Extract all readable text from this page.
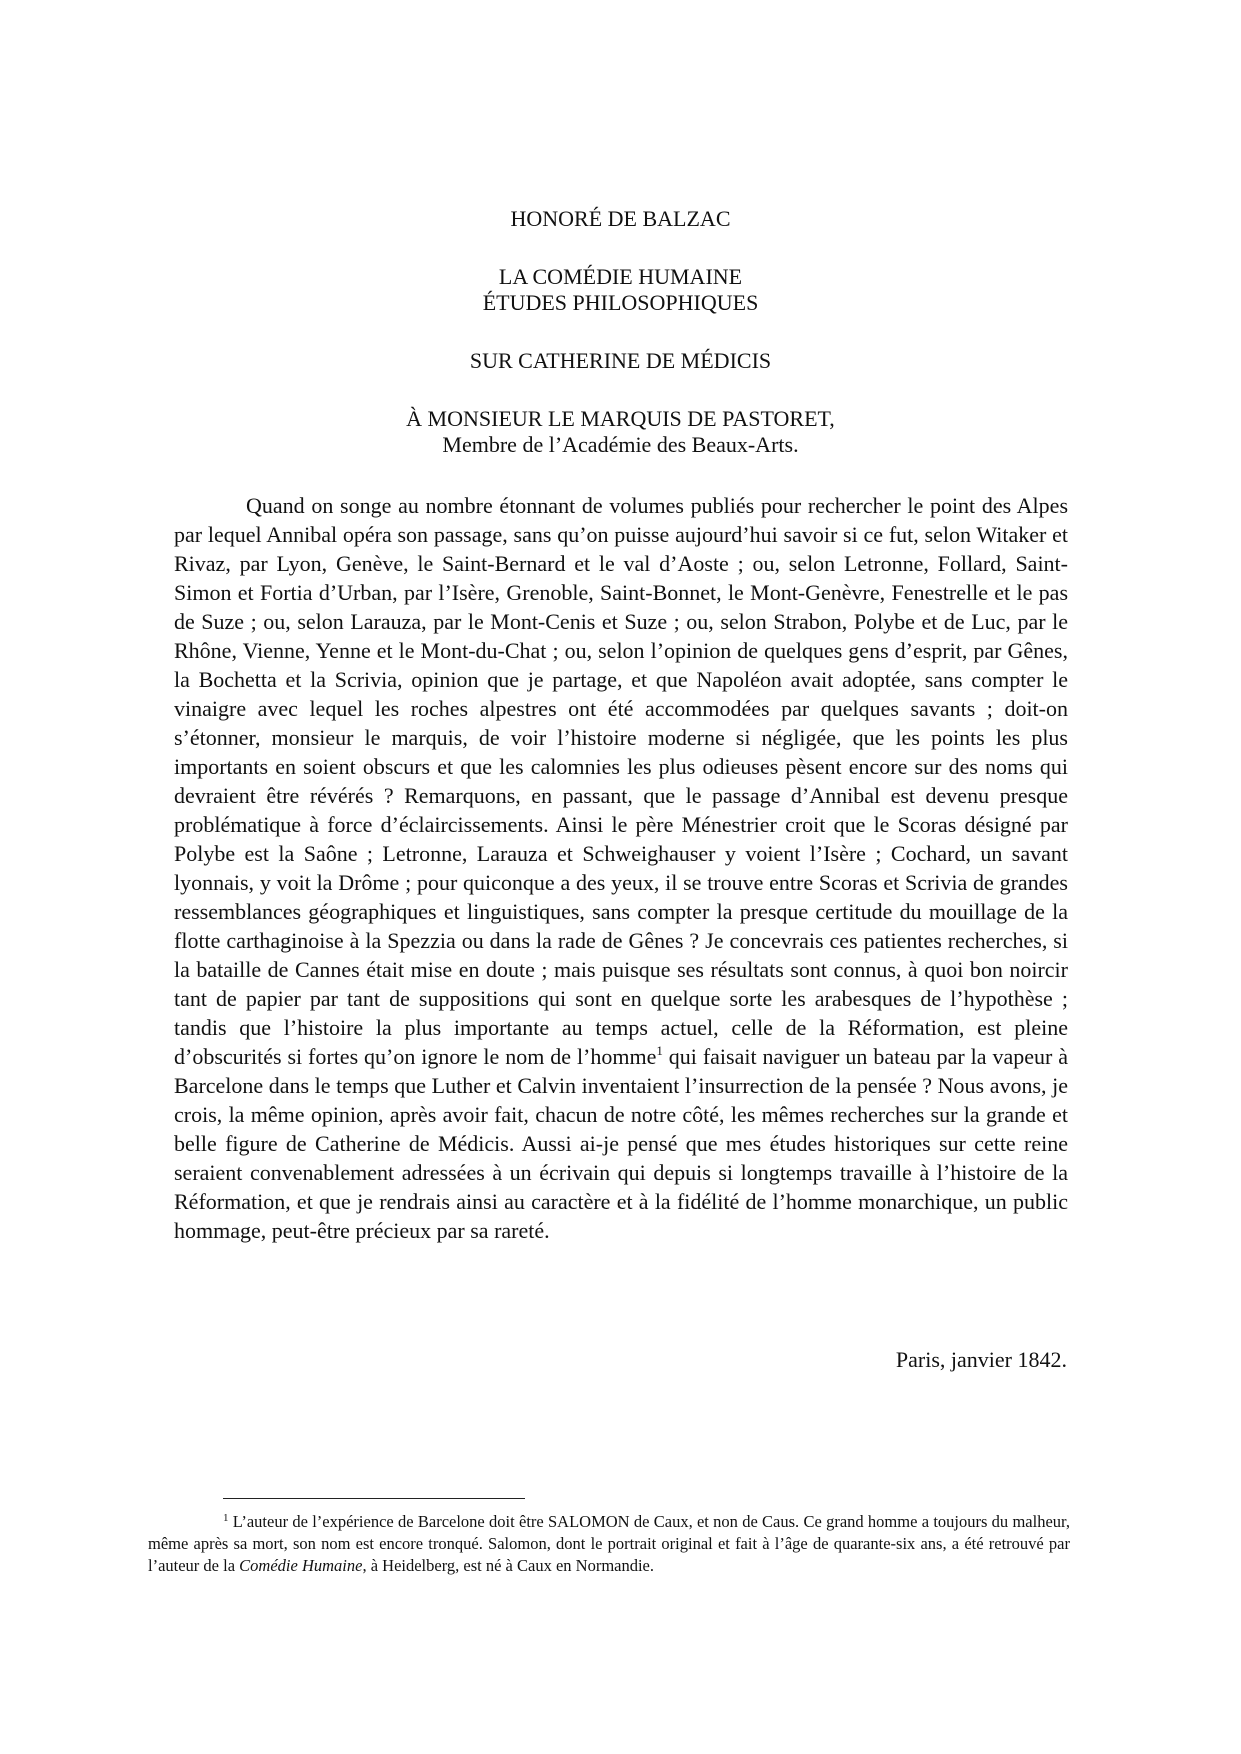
HONORÉ DE BALZAC
LA COMÉDIE HUMAINE
ÉTUDES PHILOSOPHIQUES
SUR CATHERINE DE MÉDICIS
À MONSIEUR LE MARQUIS DE PASTORET,
Membre de l’Académie des Beaux-Arts.

Quand on songe au nombre étonnant de volumes publiés pour rechercher le point des Alpes par lequel Annibal opéra son passage, sans qu’on puisse aujourd’hui savoir si ce fut, selon Witaker et Rivaz, par Lyon, Genève, le Saint-Bernard et le val d’Aoste ; ou, selon Letronne, Follard, Saint-Simon et Fortia d’Urban, par l’Isère, Grenoble, Saint-Bonnet, le Mont-Genèvre, Fenestrelle et le pas de Suze ; ou, selon Larauza, par le Mont-Cenis et Suze ; ou, selon Strabon, Polybe et de Luc, par le Rhône, Vienne, Yenne et le Mont-du-Chat ; ou, selon l’opinion de quelques gens d’esprit, par Gênes, la Bochetta et la Scrivia, opinion que je partage, et que Napoléon avait adoptée, sans compter le vinaigre avec lequel les roches alpestres ont été accommodées par quelques savants ; doit-on s’étonner, monsieur le marquis, de voir l’histoire moderne si négligée, que les points les plus importants en soient obscurs et que les calomnies les plus odieuses pèsent encore sur des noms qui devraient être révérés ? Remarquons, en passant, que le passage d’Annibal est devenu presque problématique à force d’éclaircissements. Ainsi le père Ménestrier croit que le Scoras désigné par Polybe est la Saône ; Letronne, Larauza et Schweighauser y voient l’Isère ; Cochard, un savant lyonnais, y voit la Drôme ; pour quiconque a des yeux, il se trouve entre Scoras et Scrivia de grandes ressemblances géographiques et linguistiques, sans compter la presque certitude du mouillage de la flotte carthaginoise à la Spezzia ou dans la rade de Gênes ? Je concevrais ces patientes recherches, si la bataille de Cannes était mise en doute ; mais puisque ses résultats sont connus, à quoi bon noircir tant de papier par tant de suppositions qui sont en quelque sorte les arabesques de l’hypothèse ; tandis que l’histoire la plus importante au temps actuel, celle de la Réformation, est pleine d’obscurités si fortes qu’on ignore le nom de l’homme$^1$ qui faisait naviguer un bateau par la vapeur à Barcelone dans le temps que Luther et Calvin inventaient l’insurrection de la pensée ? Nous avons, je crois, la même opinion, après avoir fait, chacun de notre côté, les mêmes recherches sur la grande et belle figure de Catherine de Médicis. Aussi ai-je pensé que mes études historiques sur cette reine seraient convenablement adressées à un écrivain qui depuis si longtemps travaille à l’histoire de la Réformation, et que je rendrais ainsi au caractère et à la fidélité de l’homme monarchique, un public hommage, peut-être précieux par sa rareté.

Paris, janvier 1842.

$^1$ L’auteur de l’expérience de Barcelone doit être SALOMON de Caux, et non de Caus. Ce grand homme a toujours du malheur, même après sa mort, son nom est encore tronqué. Salomon, dont le portrait original et fait à l’âge de quarante-six ans, a été retrouvé par l’auteur de la Comédie Humaine, à Heidelberg, est né à Caux en Normandie.
